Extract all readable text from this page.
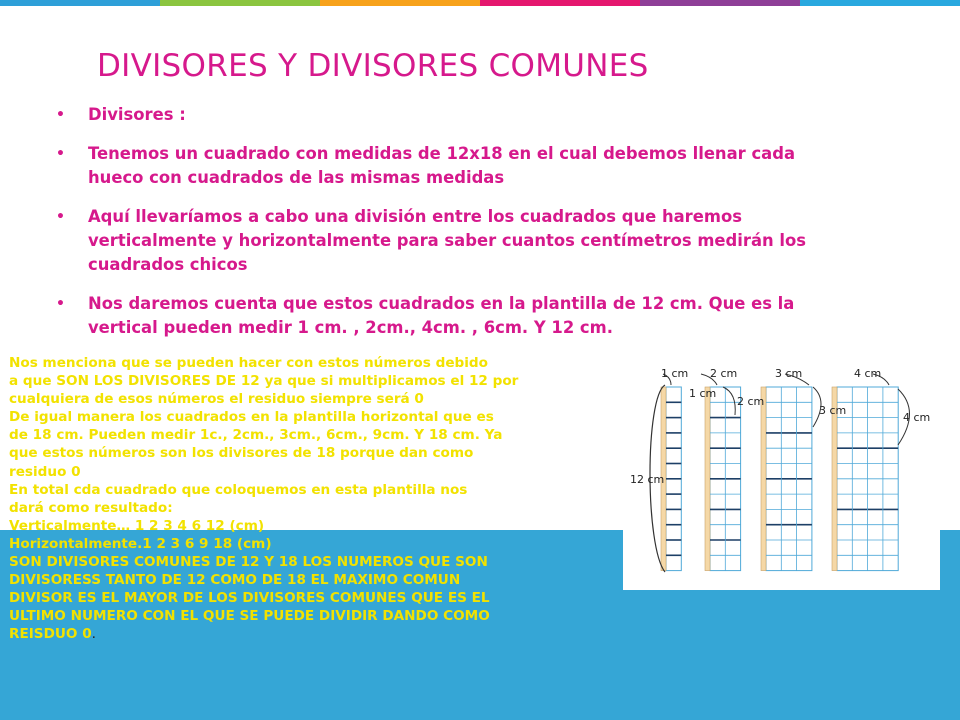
DIVISORES Y DIVISORES COMUNES
• Divisores :
• Tenemos un cuadrado con medidas de 12x18 en el cual debemos llenar cada hueco con cuadrados de las mismas medidas
• Aquí llevaríamos a cabo una división entre los cuadrados que haremos verticalmente y horizontalmente para saber cuantos centímetros medirán los cuadrados chicos
• Nos daremos cuenta que estos cuadrados en la plantilla de 12 cm. Que es la vertical pueden medir 1 cm. , 2cm., 4cm. , 6cm. Y 12 cm.
Nos menciona que se pueden hacer con estos números debido
a que SON LOS DIVISORES DE 12 ya que si multiplicamos el 12 por
cualquiera de esos números el residuo siempre será 0
De igual manera los cuadrados en la plantilla horizontal que es
de 18 cm. Pueden medir 1c., 2cm., 3cm., 6cm., 9cm. Y 18 cm. Ya
que estos números son los divisores de 18 porque dan como
residuo 0
En total cda cuadrado que coloquemos en esta plantilla nos
dará como resultado:
Verticalmente… 1 2 3 4 6 12 (cm)
Horizontalmente.1 2 3 6 9 18 (cm)
SON DIVISORES COMUNES DE 12 Y 18 LOS NUMEROS QUE SON
DIVISORESS TANTO DE 12 COMO DE 18 EL MAXIMO COMUN
DIVISOR ES EL MAYOR DE LOS DIVISORES COMUNES QUE ES EL
ULTIMO NUMERO CON EL QUE SE PUEDE DIVIDIR DANDO COMO
REISDUO 0.
12 cm
1 cm
1 cm
2 cm
2 cm
3 cm
3 cm
4 cm
4 cm
